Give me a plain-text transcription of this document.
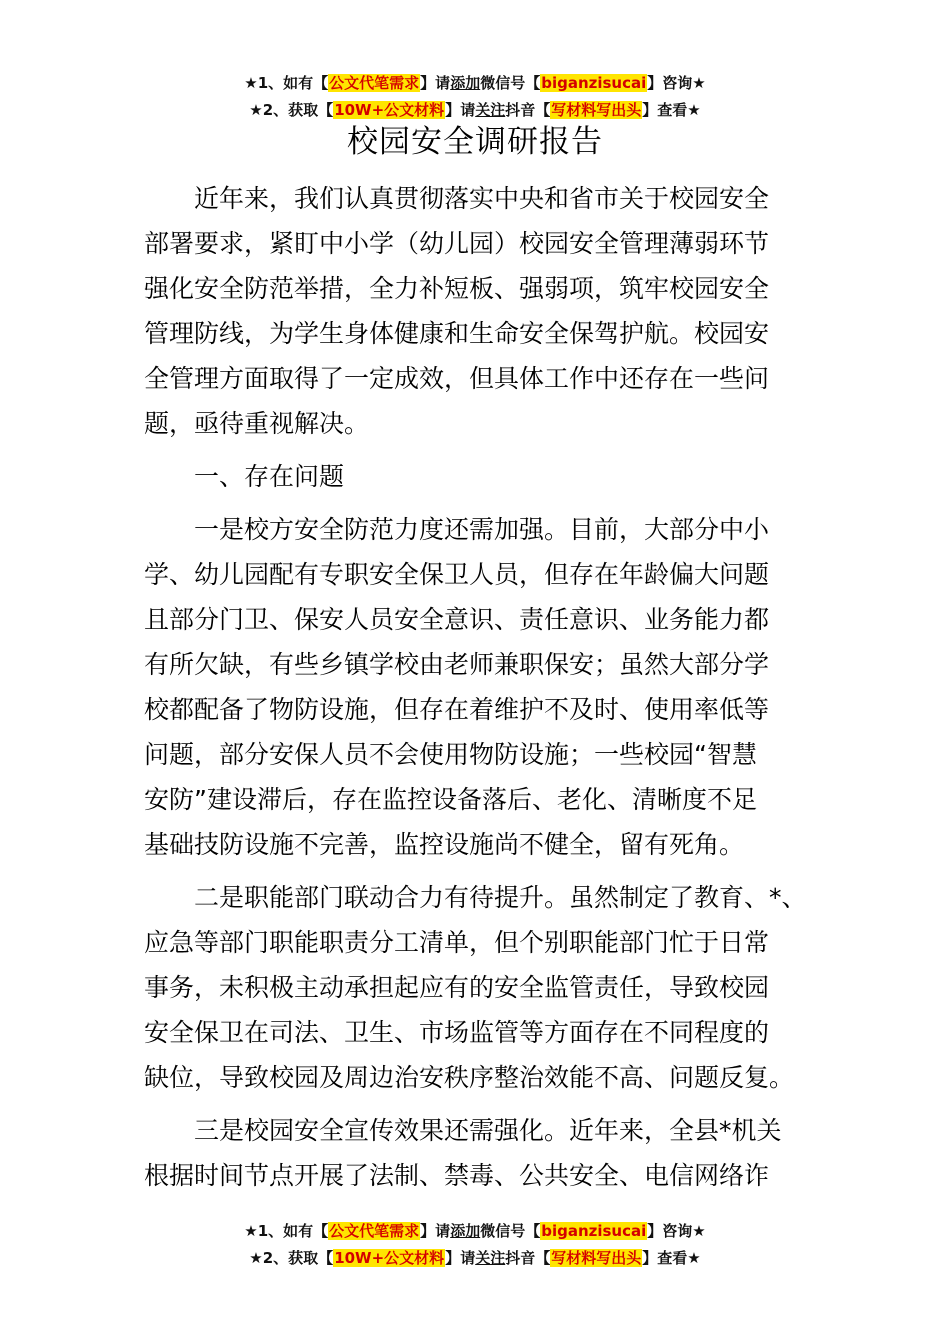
★1、如有【公文代笔需求】请添加微信号【biganzisucai】咨询★
★2、获取【10W+公文材料】请关注抖音【写材料写出头】查看★
校园安全调研报告
近年来，我们认真贯彻落实中央和省市关于校园安全
部署要求，紧盯中小学（幼儿园）校园安全管理薄弱环节
强化安全防范举措，全力补短板、强弱项，筑牢校园安全
管理防线，为学生身体健康和生命安全保驾护航。校园安
全管理方面取得了一定成效，但具体工作中还存在一些问
题，亟待重视解决。
一、存在问题
一是校方安全防范力度还需加强。目前，大部分中小
学、幼儿园配有专职安全保卫人员，但存在年龄偏大问题
且部分门卫、保安人员安全意识、责任意识、业务能力都
有所欠缺，有些乡镇学校由老师兼职保安；虽然大部分学
校都配备了物防设施，但存在着维护不及时、使用率低等
问题，部分安保人员不会使用物防设施；一些校园“智慧
安防”建设滞后，存在监控设备落后、老化、清晰度不足
基础技防设施不完善，监控设施尚不健全，留有死角。
二是职能部门联动合力有待提升。虽然制定了教育、*、
应急等部门职能职责分工清单，但个别职能部门忙于日常
事务，未积极主动承担起应有的安全监管责任，导致校园
安全保卫在司法、卫生、市场监管等方面存在不同程度的
缺位，导致校园及周边治安秩序整治效能不高、问题反复。
三是校园安全宣传效果还需强化。近年来，全县*机关
根据时间节点开展了法制、禁毒、公共安全、电信网络诈
★1、如有【公文代笔需求】请添加微信号【biganzisucai】咨询★
★2、获取【10W+公文材料】请关注抖音【写材料写出头】查看★
